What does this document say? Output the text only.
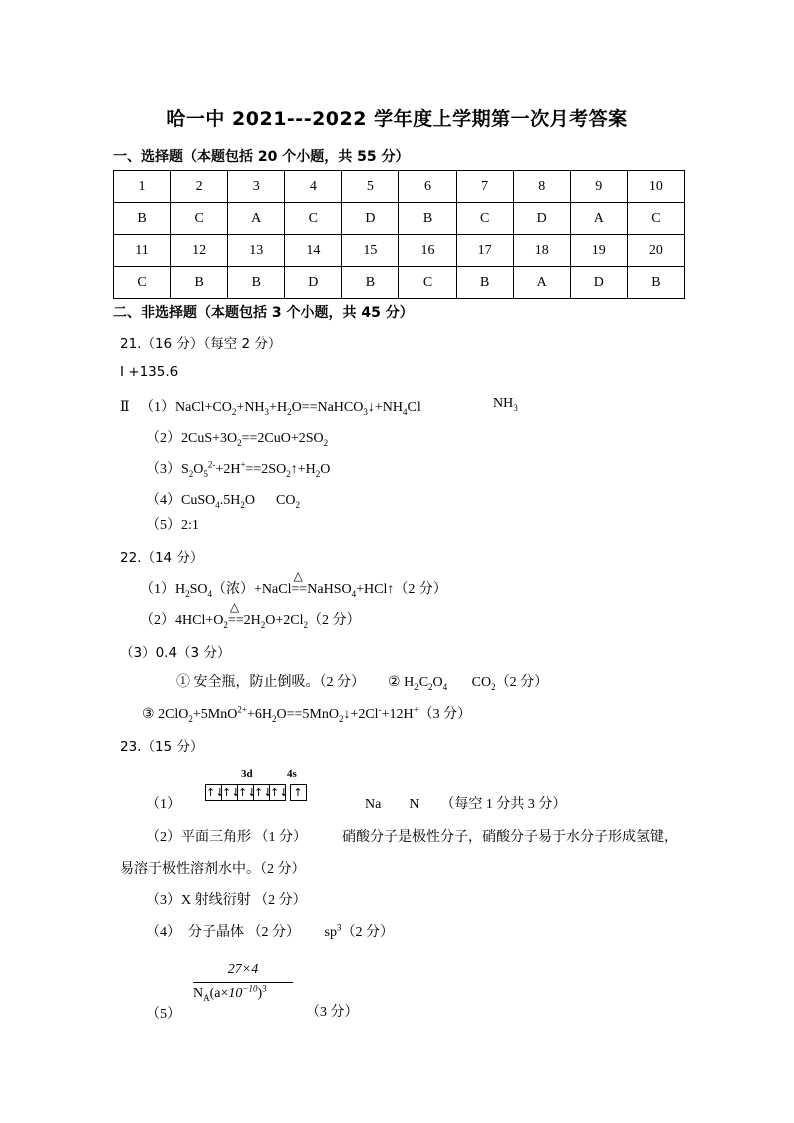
哈一中 2021---2022 学年度上学期第一次月考答案
一、选择题（本题包括 20 个小题，共 55 分）
1	2	3	4	5	6	7	8	9	10
B	C	A	C	D	B	C	D	A	C
11	12	13	14	15	16	17	18	19	20
C	B	B	D	B	C	B	A	D	B
二、非选择题（本题包括 3 个小题，共 45 分）
21.（16 分）（每空 2 分）
Ⅰ +135.6
Ⅱ $(1)NaCl+CO_2+NH_3+H_2O==NaHCO_3↓+NH_4Cl$	$NH_3$
$(2)2CuS+3O_2==2CuO+2SO_2$
$(3)S_2O_5^{2-}+2H^+==2SO_2↑+H_2O$
$(4)CuSO_4.5H_2O$ $CO_2$
（5）2:1
22.（14 分）
$(1)H_2SO_4$（浓）+NaCl
△
==NaHSO$_4$+HCl↑（2 分）
$(2)4HCl+O_2$
△
$==2H_2O+2Cl_2(2$ 分）
（3）0.4（3 分）
① 安全瓶，防止倒吸。（2 分） ② $H_2C_2O_4$ $CO_2(2$ 分）
③ $2ClO_2+5MnO^{2+}+6H_2O==5MnO_2↓+2Cl^-+12H^+(3$ 分）
23.（15 分）
3d	4s
（1）
↑↓↑↓↑↓↑↓↑↓ ↑
Na　　N　　（每空 1 分共 3 分）
（2）平面三角形 （1 分）　　　硝酸分子是极性分子，硝酸分子易于水分子形成氢键，
易溶于极性溶剂水中。（2 分）
（3）X 射线衍射 （2 分）
（4）　分子晶体 （2 分） $sp^3(2$ 分）
27×4
$N_A(a\times 10^{-10})^3$
（5）	（3 分）
